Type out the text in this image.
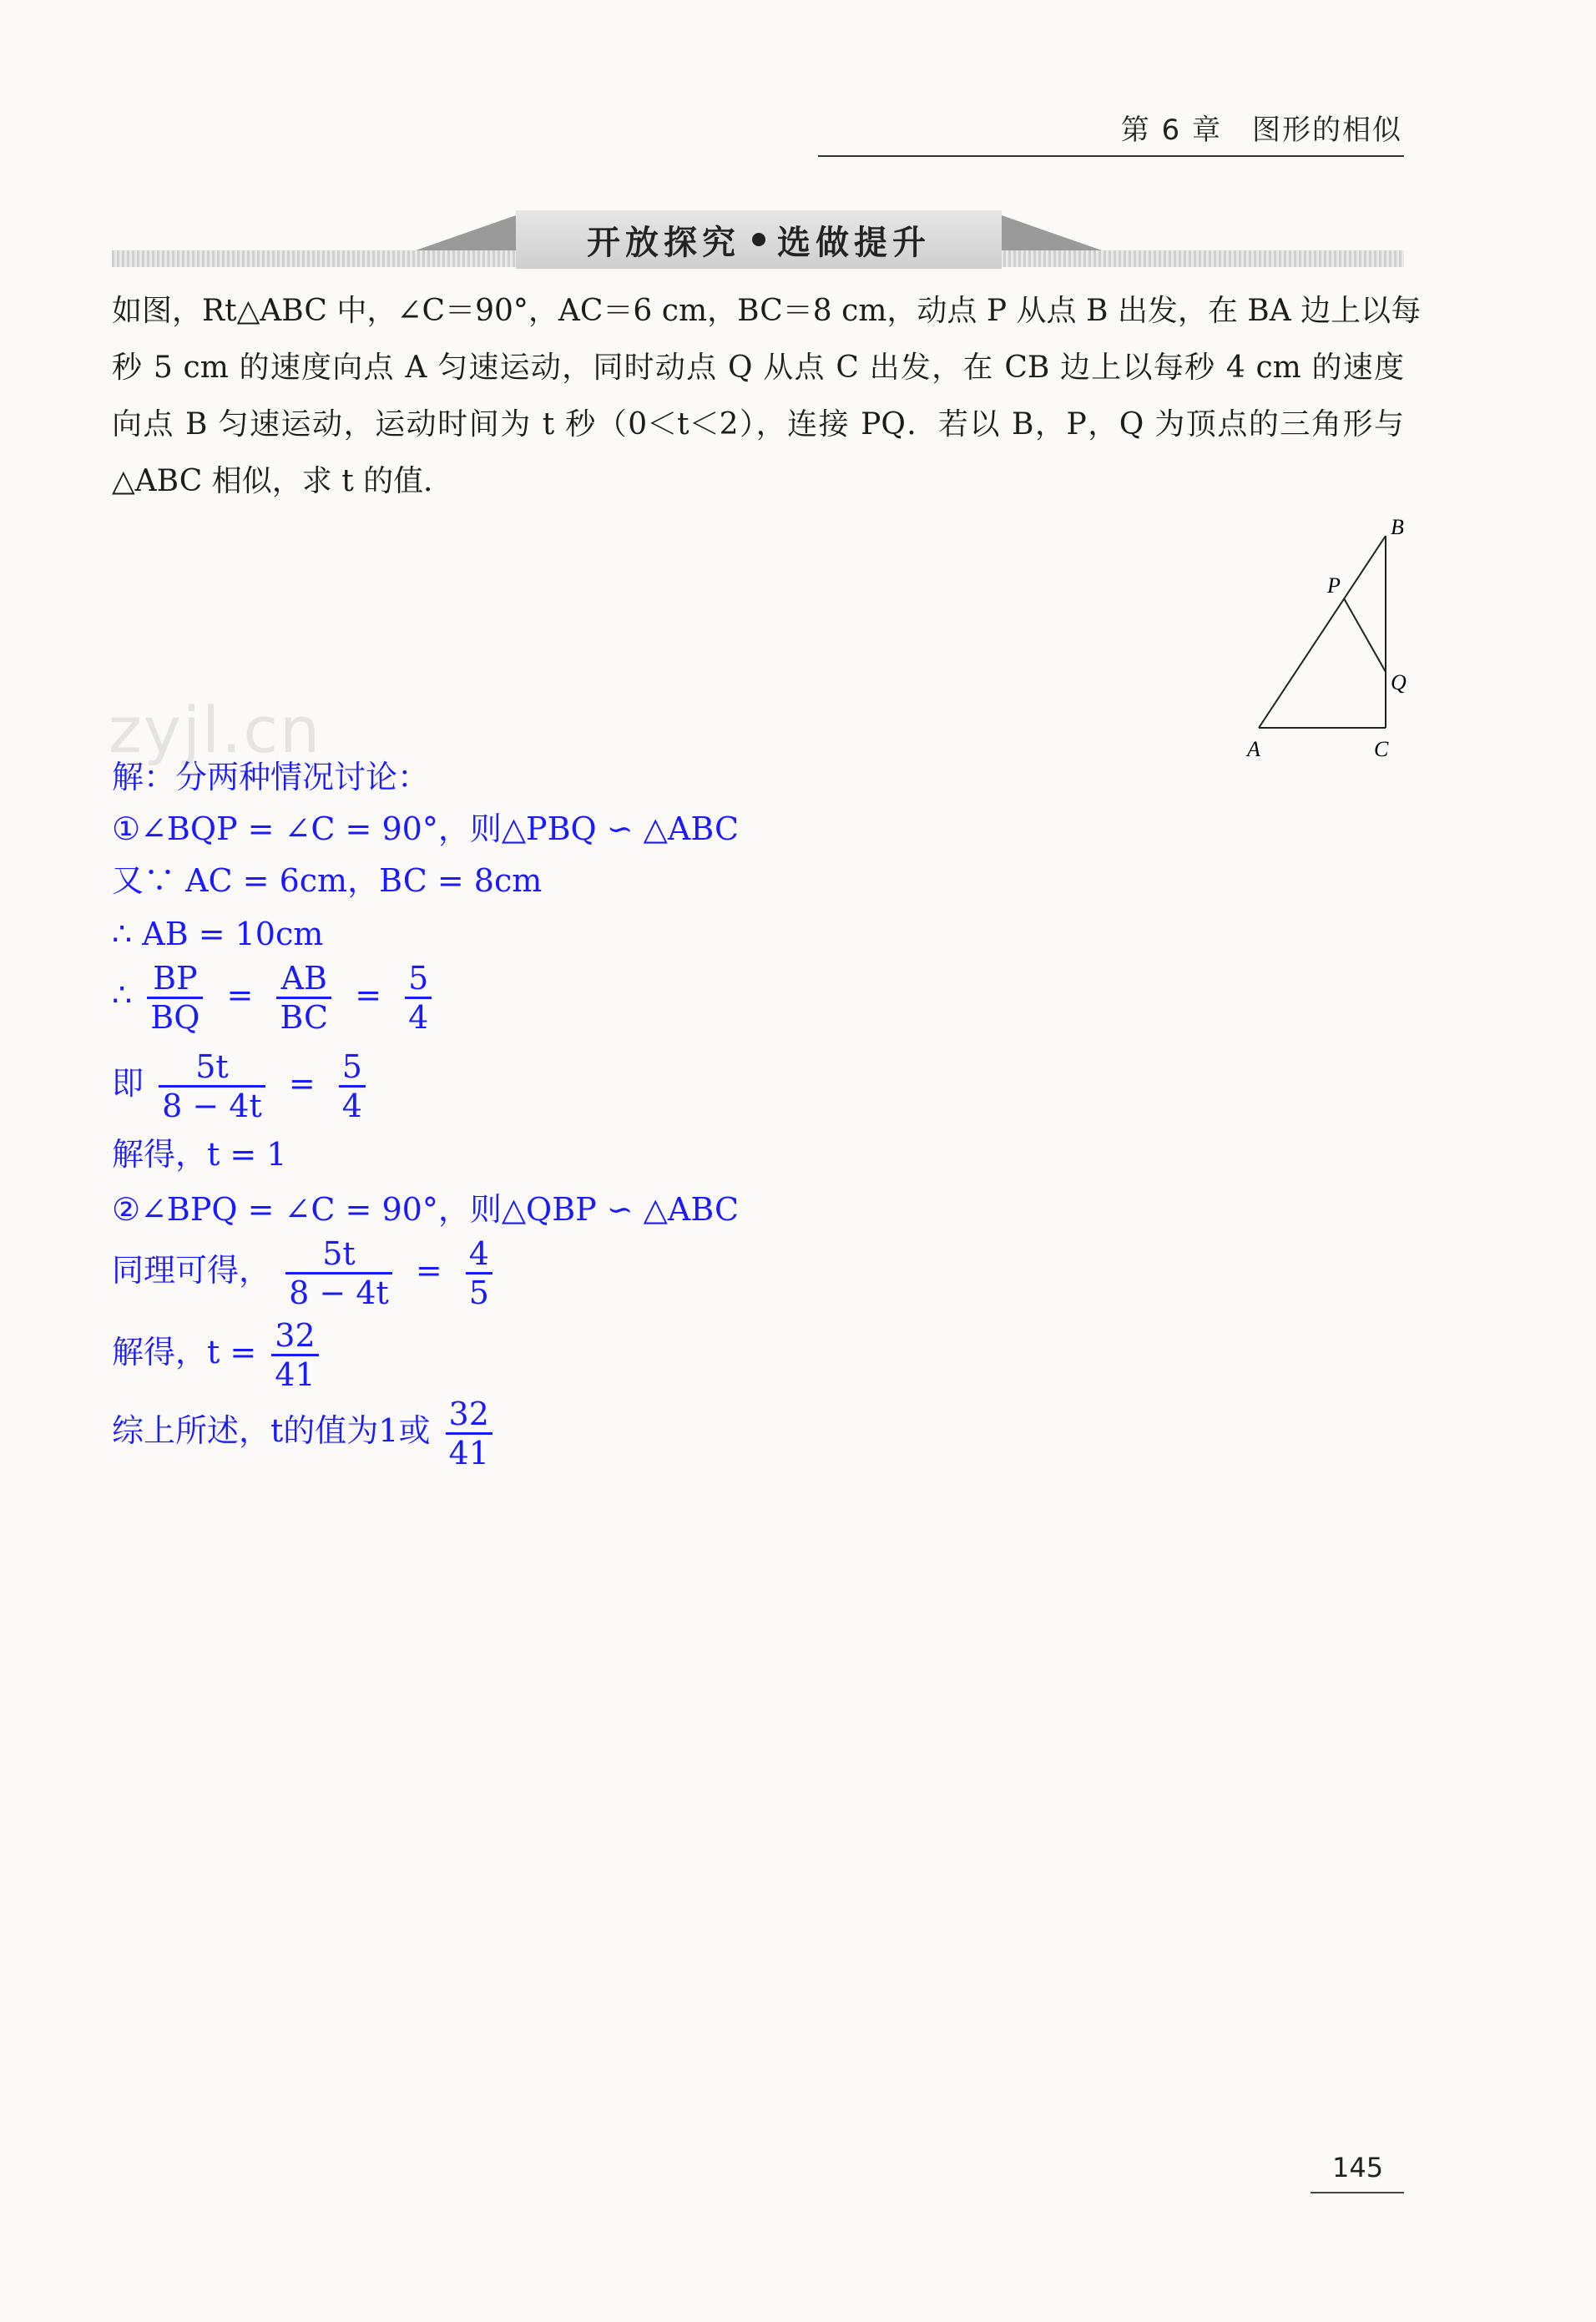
第 6 章　图形的相似
开放探究 选做提升
如图，Rt△ABC 中，∠C＝90°，AC＝6 cm，BC＝8 cm，动点 P 从点 B 出发，在 BA 边上以每
秒 5 cm 的速度向点 A 匀速运动，同时动点 Q 从点 C 出发，在 CB 边上以每秒 4 cm 的速度
向点 B 匀速运动，运动时间为 t 秒（0＜t＜2），连接 PQ．若以 B，P，Q 为顶点的三角形与
△ABC 相似，求 t 的值．
A	C
B
P
Q
zyjl.cn
解：分两种情况讨论：
①∠BQP = ∠C = 90°，则△PBQ ∽ △ABC
又∵ AC = 6cm，BC = 8cm
∴ AB = 10cm
∴ $\frac{BP}{BQ} = \frac{AB}{BC} = \frac{5}{4}$
即 $\frac{5t}{8 - 4t} = \frac{5}{4}$
解得，t = 1
②∠BPQ = ∠C = 90°，则△QBP ∽ △ABC
同理可得， $\frac{5t}{8 - 4t} = \frac{4}{5}$
解得，$t = \frac{32}{41}$
综上所述，t的值为1或 $\frac{32}{41}$
145
